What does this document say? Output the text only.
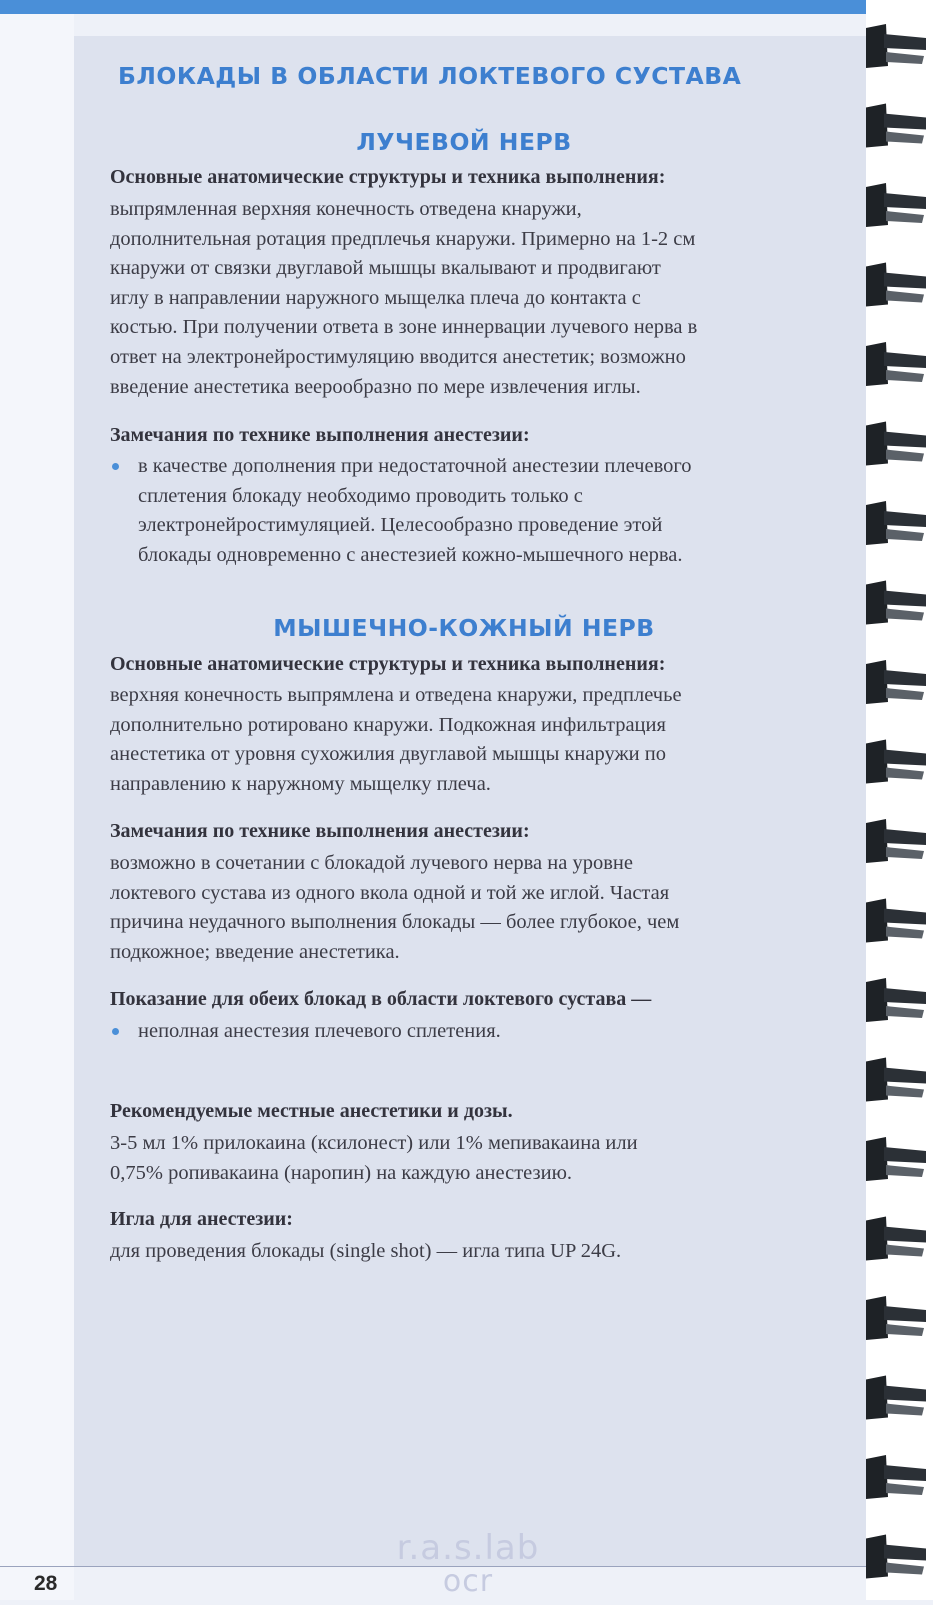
БЛОКАДЫ В ОБЛАСТИ ЛОКТЕВОГО СУСТАВА
ЛУЧЕВОЙ НЕРВ
Основные анатомические структуры и техника выполнения:
выпрямленная верхняя конечность отведена кнаружи,
дополнительная ротация предплечья кнаружи. Примерно на 1-2 см
кнаружи от связки двуглавой мышцы вкалывают и продвигают
иглу в направлении наружного мыщелка плеча до контакта с
костью. При получении ответа в зоне иннервации лучевого нерва в
ответ на электронейростимуляцию вводится анестетик; возможно
введение анестетика веерообразно по мере извлечения иглы.
Замечания по технике выполнения анестезии:
в качестве дополнения при недостаточной анестезии плечевого
сплетения блокаду необходимо проводить только с
электронейростимуляцией. Целесообразно проведение этой
блокады одновременно с анестезией кожно-мышечного нерва.
МЫШЕЧНО-КОЖНЫЙ НЕРВ
Основные анатомические структуры и техника выполнения:
верхняя конечность выпрямлена и отведена кнаружи, предплечье
дополнительно ротировано кнаружи. Подкожная инфильтрация
анестетика от уровня сухожилия двуглавой мышцы кнаружи по
направлению к наружному мыщелку плеча.
Замечания по технике выполнения анестезии:
возможно в сочетании с блокадой лучевого нерва на уровне
локтевого сустава из одного вкола одной и той же иглой. Частая
причина неудачного выполнения блокады — более глубокое, чем
подкожное; введение анестетика.
Показание для обеих блокад в области локтевого сустава —
неполная анестезия плечевого сплетения.
Рекомендуемые местные анестетики и дозы.
3-5 мл 1% прилокаина (ксилонест) или 1% мепивакаина или
0,75% ропивакаина (наропин) на каждую анестезию.
Игла для анестезии:
для проведения блокады (single shot) — игла типа UP 24G.
28
r.a.s.lab
ocr
